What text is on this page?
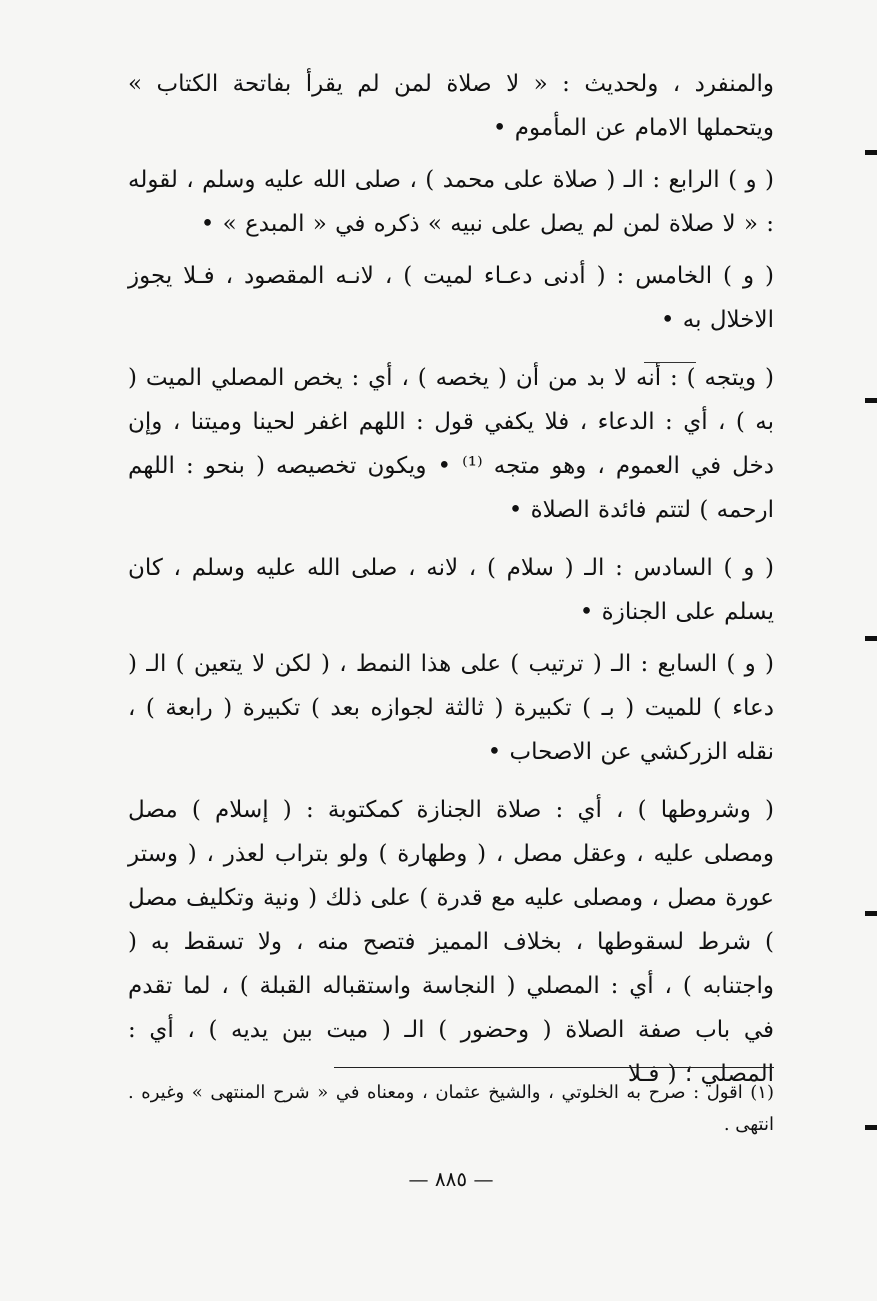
والمنفرد ، ولحديث : « لا صلاة لمن لم يقرأ بفاتحة الكتاب » ويتحملها الامام عن المأموم •

( و ) الرابع : الـ ( صلاة على محمد ) ، صلى الله عليه وسلم ، لقوله : « لا صلاة لمن لم يصل على نبيه » ذكره في « المبدع » •

( و ) الخامس : ( أدنى دعـاء لميت ) ، لانـه المقصود ، فـلا يجوز الاخلال به •

( ويتجه ) : أنه لا بد من أن ( يخصه ) ، أي : يخص المصلي الميت ( به ) ، أي : الدعاء ، فلا يكفي قول : اللهم اغفر لحينا وميتنا ، وإن دخل في العموم ، وهو متجه ⁽¹⁾ • ويكون تخصيصه ( بنحو : اللهم ارحمه ) لتتم فائدة الصلاة •

( و ) السادس : الـ ( سلام ) ، لانه ، صلى الله عليه وسلم ، كان يسلم على الجنازة •

( و ) السابع : الـ ( ترتيب ) على هذا النمط ، ( لكن لا يتعين ) الـ ( دعاء ) للميت ( بـ ) تكبيرة ( ثالثة لجوازه بعد ) تكبيرة ( رابعة ) ، نقله الزركشي عن الاصحاب •

( وشروطها ) ، أي : صلاة الجنازة كمكتوبة : ( إسلام ) مصل ومصلى عليه ، وعقل مصل ، ( وطهارة ) ولو بتراب لعذر ، ( وستر عورة مصل ، ومصلى عليه مع قدرة ) على ذلك ( ونية وتكليف مصل ) شرط لسقوطها ، بخلاف المميز فتصح منه ، ولا تسقط به ( واجتنابه ) ، أي : المصلي ( النجاسة واستقباله القبلة ) ، لما تقدم في باب صفة الصلاة ( وحضور ) الـ ( ميت بين يديه ) ، أي : المصلي ؛ ( فـلا

(١) اقول : صرح به الخلوتي ، والشيخ عثمان ، ومعناه في « شرح المنتهى » وغيره . انتهى .
— ٨٨٥ —
